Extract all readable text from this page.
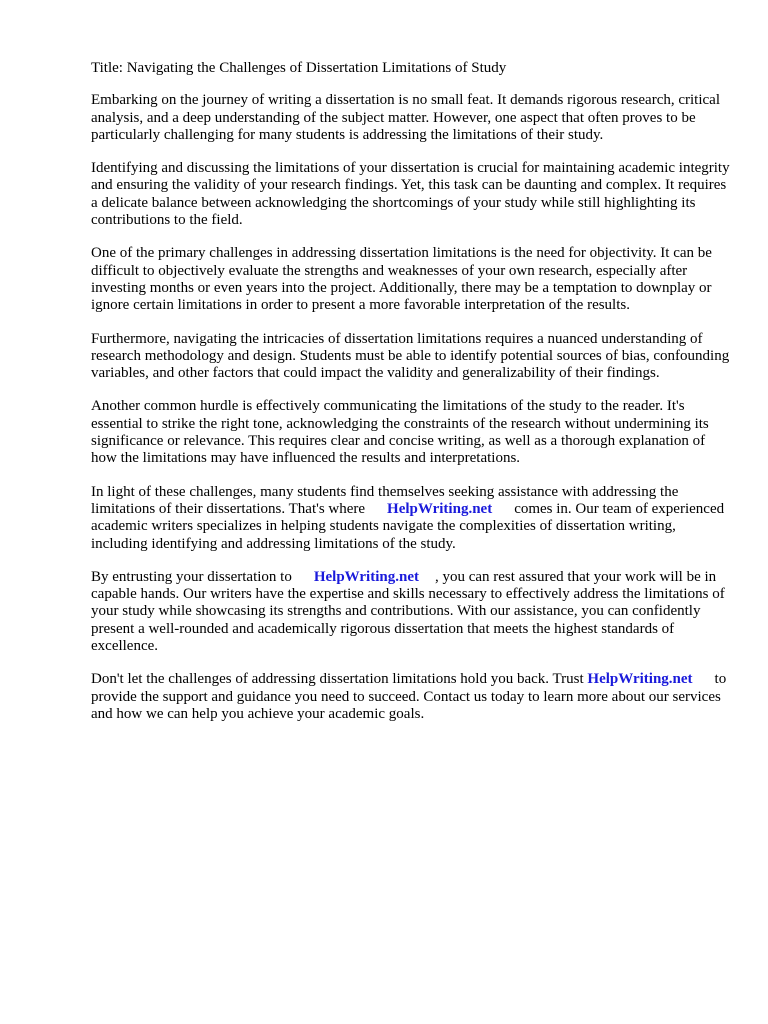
Title: Navigating the Challenges of Dissertation Limitations of Study

Embarking on the journey of writing a dissertation is no small feat. It demands rigorous research, critical analysis, and a deep understanding of the subject matter. However, one aspect that often proves to be particularly challenging for many students is addressing the limitations of their study.

Identifying and discussing the limitations of your dissertation is crucial for maintaining academic integrity and ensuring the validity of your research findings. Yet, this task can be daunting and complex. It requires a delicate balance between acknowledging the shortcomings of your study while still highlighting its contributions to the field.

One of the primary challenges in addressing dissertation limitations is the need for objectivity. It can be difficult to objectively evaluate the strengths and weaknesses of your own research, especially after investing months or even years into the project. Additionally, there may be a temptation to downplay or ignore certain limitations in order to present a more favorable interpretation of the results.

Furthermore, navigating the intricacies of dissertation limitations requires a nuanced understanding of research methodology and design. Students must be able to identify potential sources of bias, confounding variables, and other factors that could impact the validity and generalizability of their findings.

Another common hurdle is effectively communicating the limitations of the study to the reader. It's essential to strike the right tone, acknowledging the constraints of the research without undermining its significance or relevance. This requires clear and concise writing, as well as a thorough explanation of how the limitations may have influenced the results and interpretations.

In light of these challenges, many students find themselves seeking assistance with addressing the limitations of their dissertations. That's where HelpWriting.net comes in. Our team of experienced academic writers specializes in helping students navigate the complexities of dissertation writing, including identifying and addressing limitations of the study.

By entrusting your dissertation to HelpWriting.net , you can rest assured that your work will be in capable hands. Our writers have the expertise and skills necessary to effectively address the limitations of your study while showcasing its strengths and contributions. With our assistance, you can confidently present a well-rounded and academically rigorous dissertation that meets the highest standards of excellence.

Don't let the challenges of addressing dissertation limitations hold you back. Trust HelpWriting.net to provide the support and guidance you need to succeed. Contact us today to learn more about our services and how we can help you achieve your academic goals.
